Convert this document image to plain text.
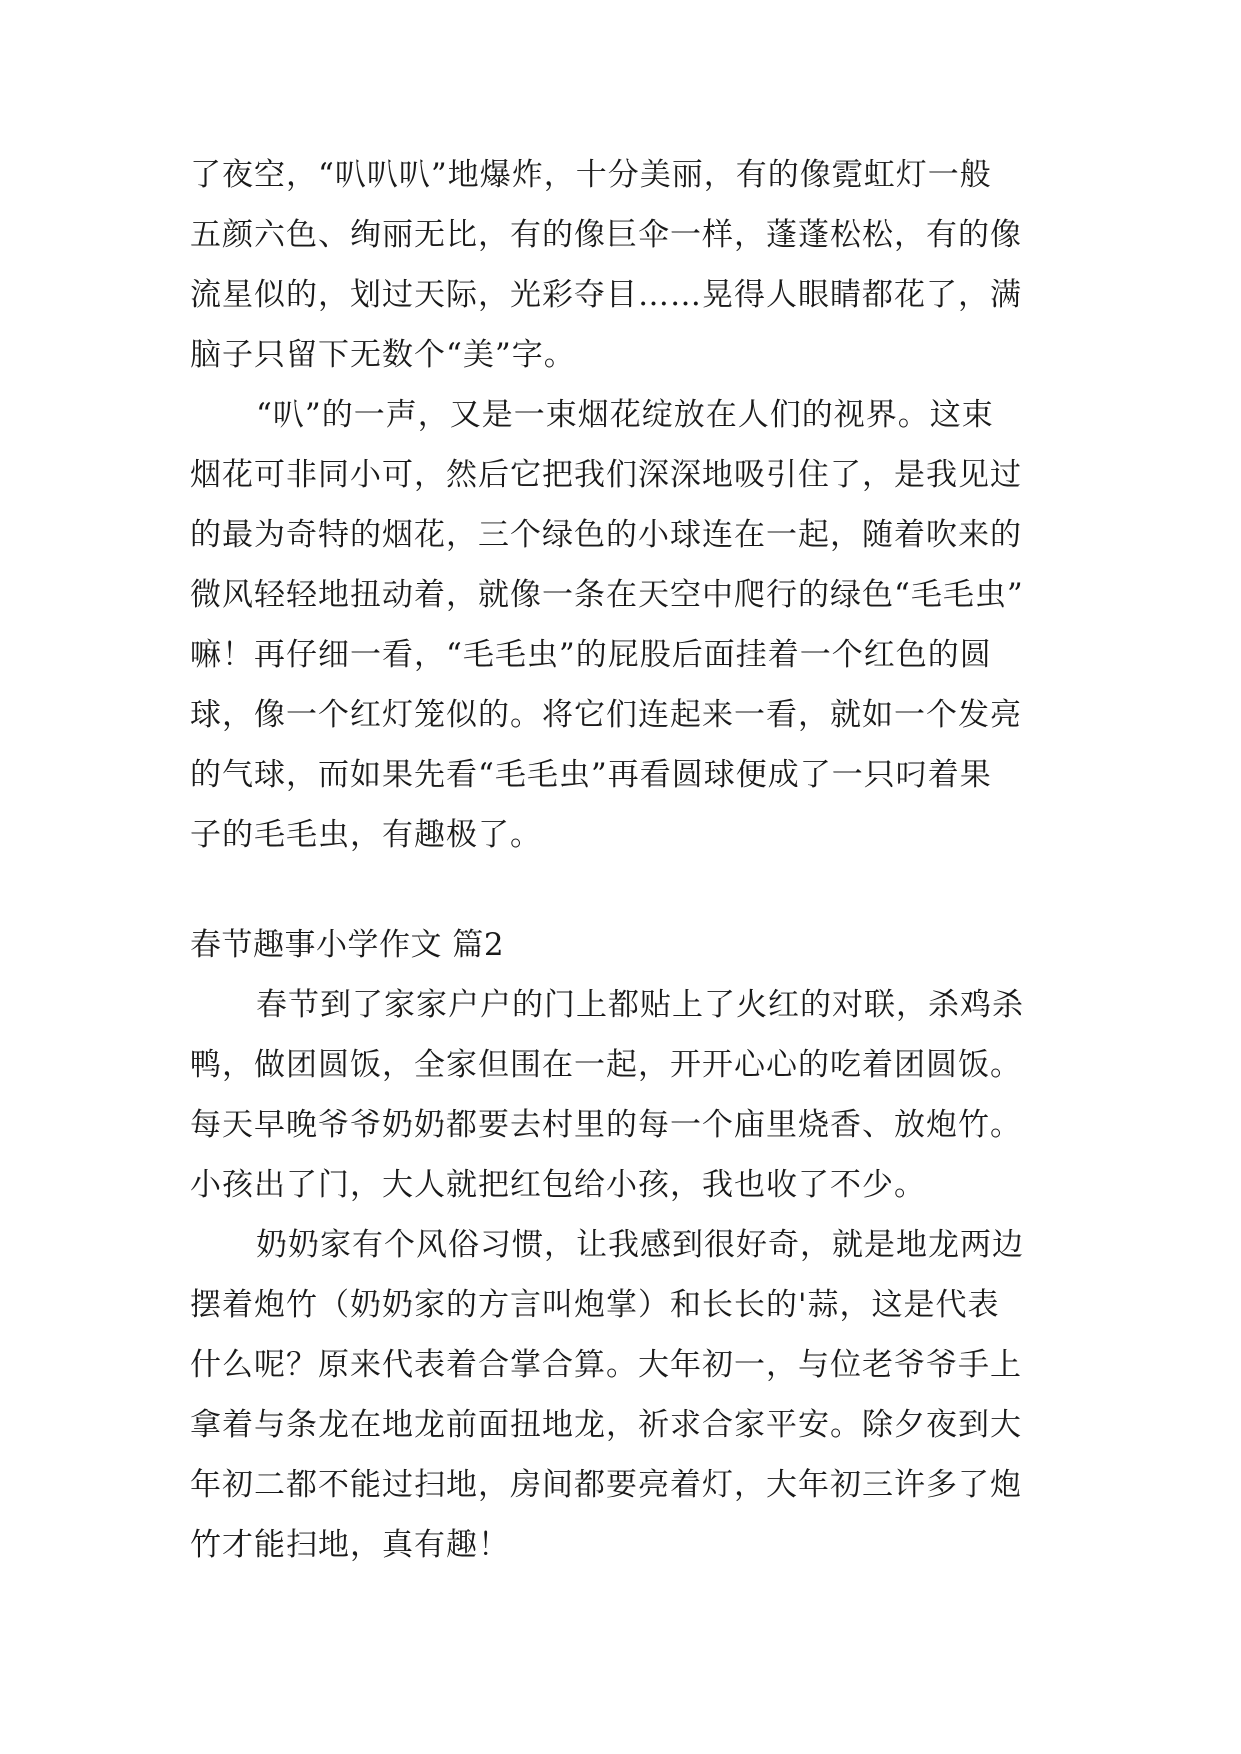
了夜空，“叭叭叭”地爆炸，十分美丽，有的像霓虹灯一般
五颜六色、绚丽无比，有的像巨伞一样，蓬蓬松松，有的像
流星似的，划过天际，光彩夺目……晃得人眼睛都花了，满
脑子只留下无数个“美”字。
“叭”的一声，又是一束烟花绽放在人们的视界。这束
烟花可非同小可，然后它把我们深深地吸引住了，是我见过
的最为奇特的烟花，三个绿色的小球连在一起，随着吹来的
微风轻轻地扭动着，就像一条在天空中爬行的绿色“毛毛虫”
嘛！再仔细一看，“毛毛虫”的屁股后面挂着一个红色的圆
球，像一个红灯笼似的。将它们连起来一看，就如一个发亮
的气球，而如果先看“毛毛虫”再看圆球便成了一只叼着果
子的毛毛虫，有趣极了。
春节趣事小学作文 篇2
春节到了家家户户的门上都贴上了火红的对联，杀鸡杀
鸭，做团圆饭，全家但围在一起，开开心心的吃着团圆饭。
每天早晚爷爷奶奶都要去村里的每一个庙里烧香、放炮竹。
小孩出了门，大人就把红包给小孩，我也收了不少。
奶奶家有个风俗习惯，让我感到很好奇，就是地龙两边
摆着炮竹（奶奶家的方言叫炮掌）和长长的'蒜，这是代表
什么呢？原来代表着合掌合算。大年初一，与位老爷爷手上
拿着与条龙在地龙前面扭地龙，祈求合家平安。除夕夜到大
年初二都不能过扫地，房间都要亮着灯，大年初三许多了炮
竹才能扫地，真有趣！
